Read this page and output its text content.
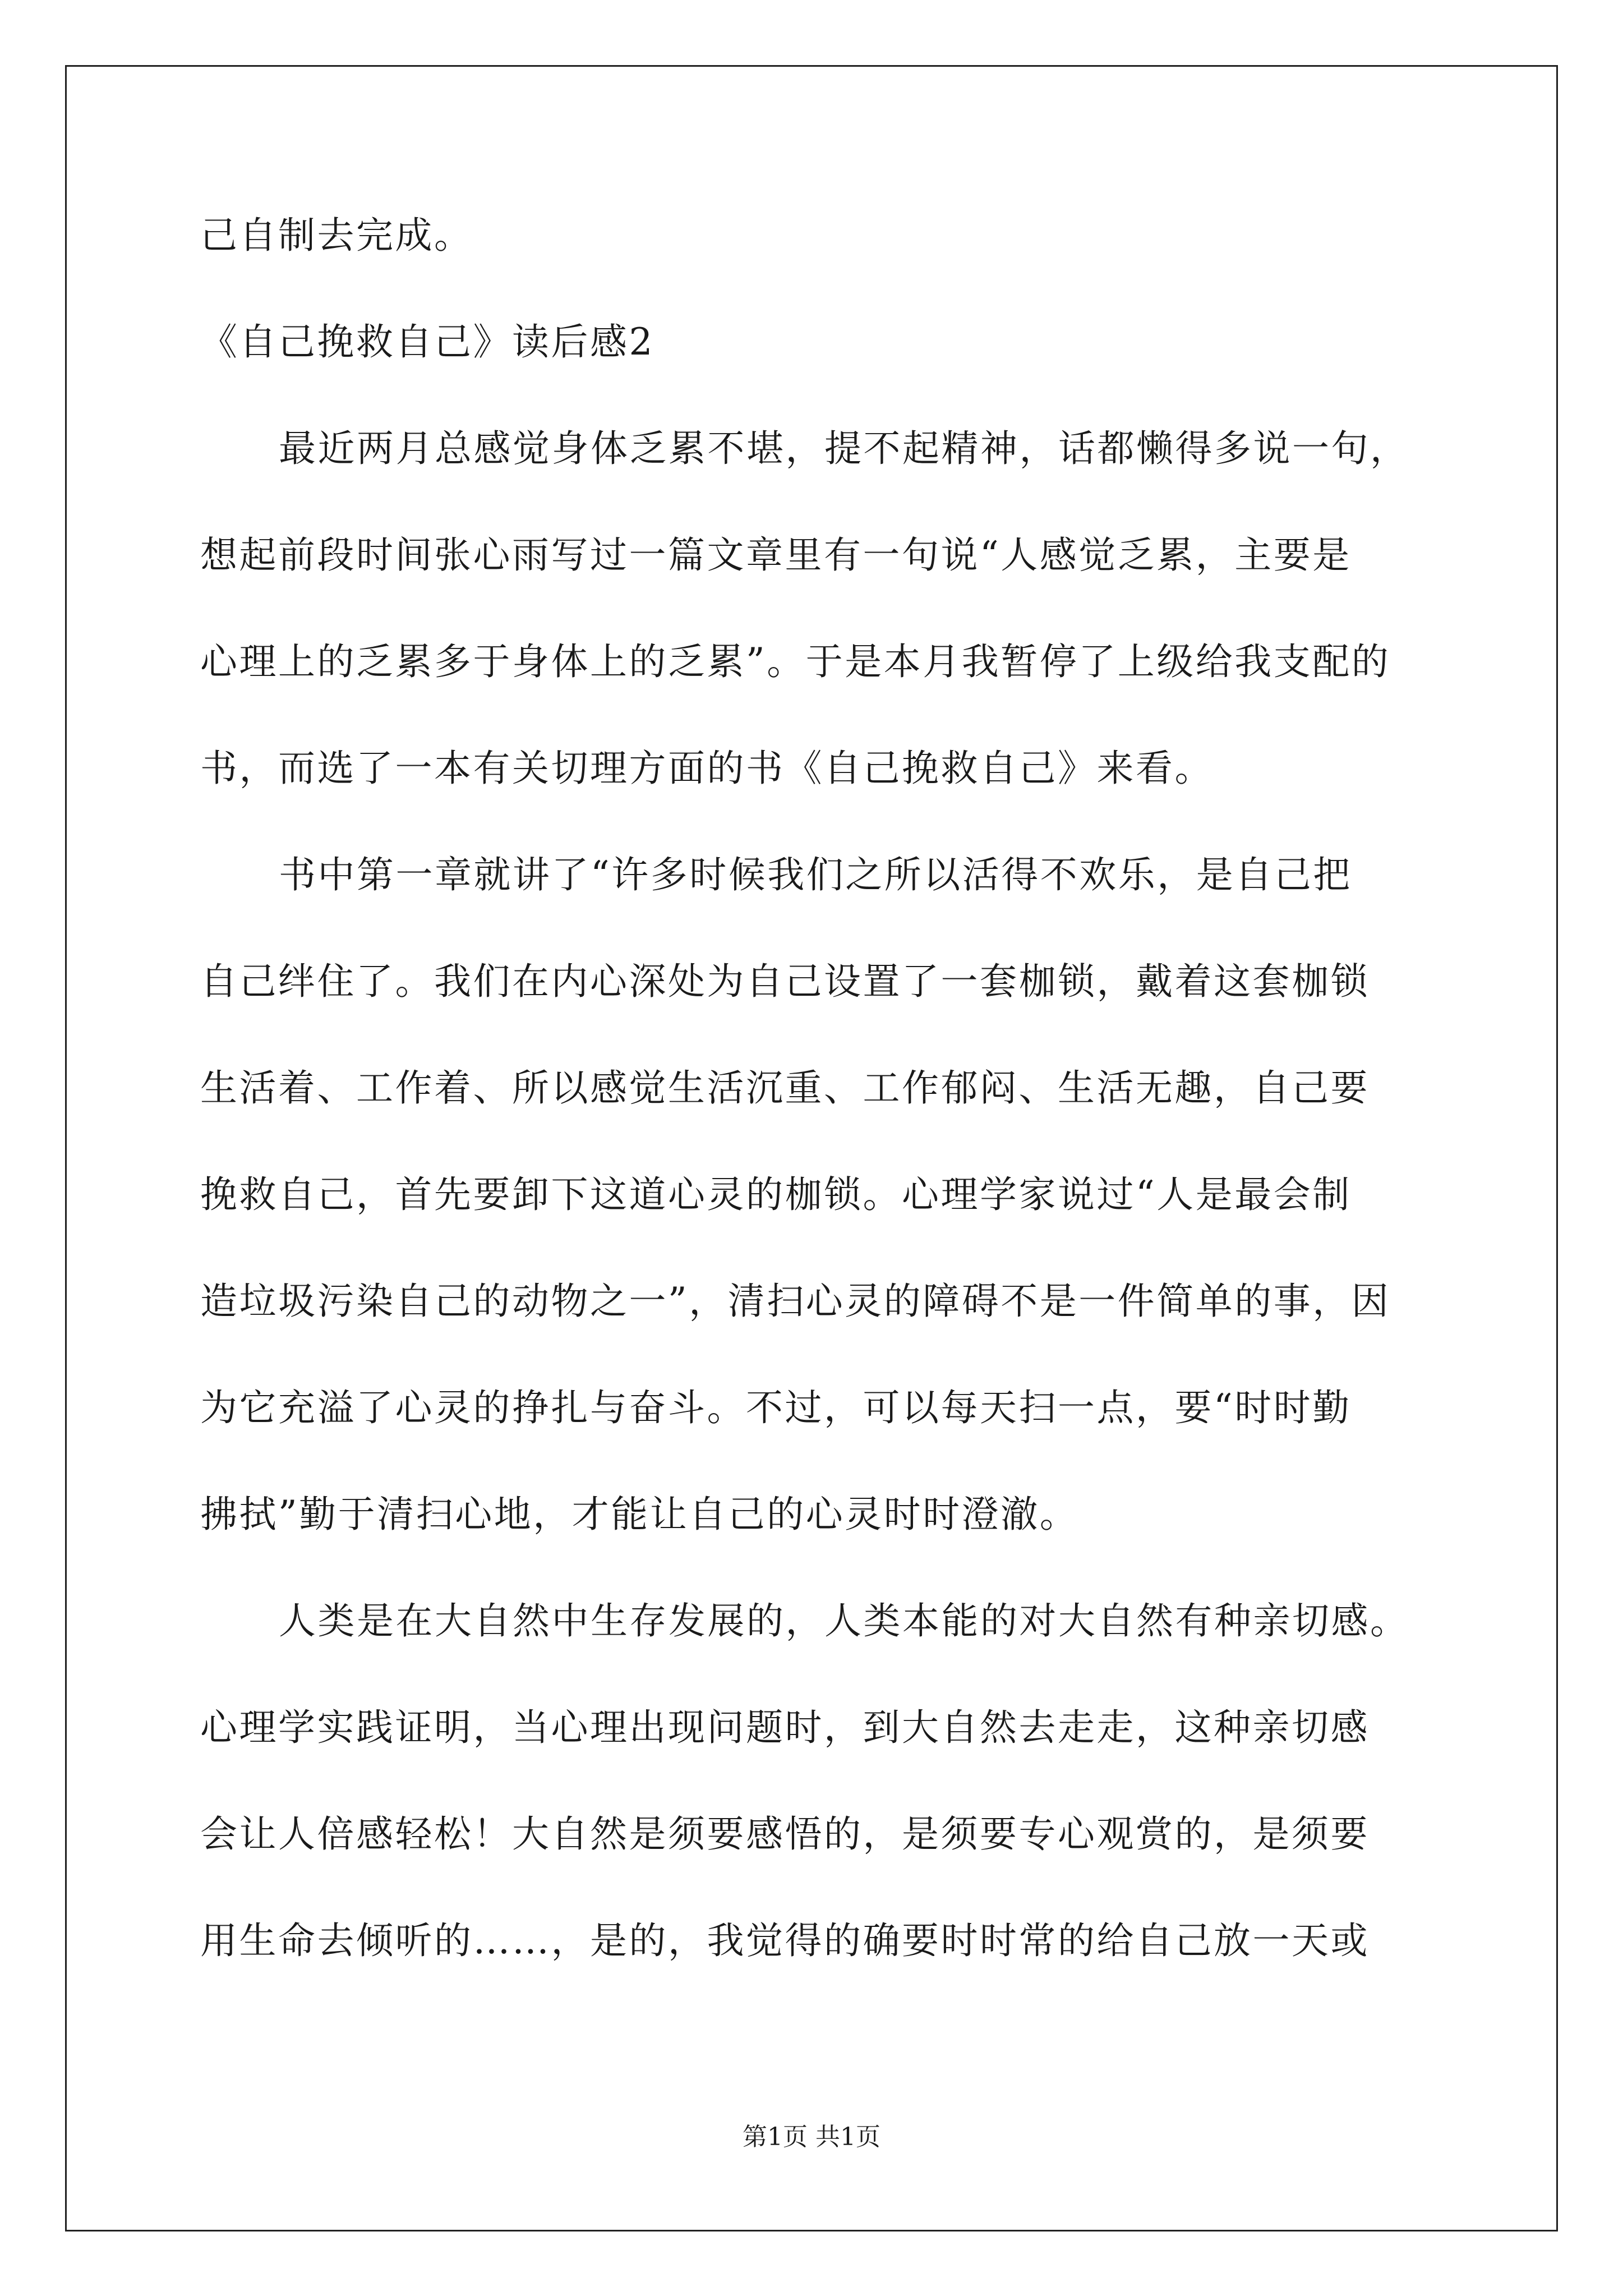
己自制去完成。
《自己挽救自己》读后感2
最近两月总感觉身体乏累不堪，提不起精神，话都懒得多说一句，
想起前段时间张心雨写过一篇文章里有一句说“人感觉乏累，主要是
心理上的乏累多于身体上的乏累”。于是本月我暂停了上级给我支配的
书，而选了一本有关切理方面的书《自己挽救自己》来看。
书中第一章就讲了“许多时候我们之所以活得不欢乐，是自己把
自己绊住了。我们在内心深处为自己设置了一套枷锁，戴着这套枷锁
生活着、工作着、所以感觉生活沉重、工作郁闷、生活无趣，自己要
挽救自己，首先要卸下这道心灵的枷锁。心理学家说过“人是最会制
造垃圾污染自己的动物之一”，清扫心灵的障碍不是一件简单的事，因
为它充溢了心灵的挣扎与奋斗。不过，可以每天扫一点，要“时时勤
拂拭”勤于清扫心地，才能让自己的心灵时时澄澈。
人类是在大自然中生存发展的，人类本能的对大自然有种亲切感。
心理学实践证明，当心理出现问题时，到大自然去走走，这种亲切感
会让人倍感轻松！大自然是须要感悟的，是须要专心观赏的，是须要
用生命去倾听的……，是的，我觉得的确要时时常的给自己放一天或
第1页 共1页
